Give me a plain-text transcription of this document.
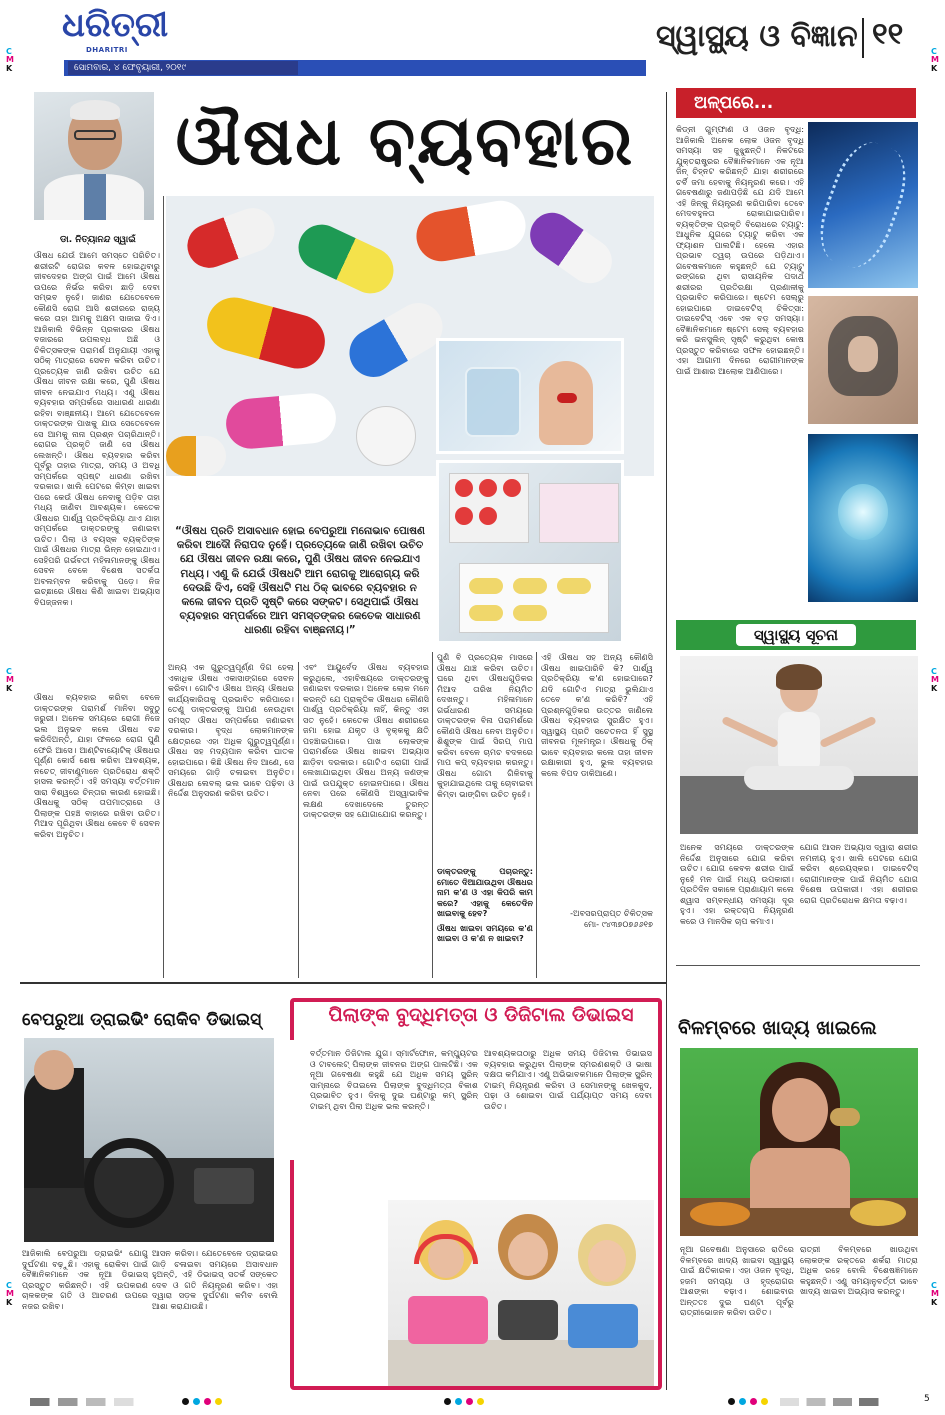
ଧରିତ୍ରୀ
DHARITRI
ସୋମବାର, ୪ ଫେବୃୟାରୀ, ୨୦୧୯
ସ୍ୱାସ୍ଥ୍ୟ ଓ ବିଜ୍ଞାନ ୧୧
C
M
K
C
M
K
C
M
K
C
M
K
C
M
K
C
M
K
ଡା. ନିତ୍ୟାନନ୍ଦ ସ୍ୱାଇଁ
ଔଷଧ ବ୍ୟବହାର
ଔଷଧ ଯେଉଁ ଆମେ ସମସ୍ତେ ପରିଚିତ। ଶରୀରଟି ରୋଗର କବଳ ହୋଇଥିବାରୁ ଜୀବଦେହର ଅଙ୍ଗ ପାଇଁ ଆମେ ଔଷଧ ଉପରେ ନିର୍ଭର କରିବା ଛାଡ଼ି ଦେବା ସମ୍ଭବ ନୁହେଁ। ଜାଣର ଯେତେବେଳେ କୌଣସି ରୋଗ ଆସି ଶରୀରରେ ରାଜ୍ୟ କରେ ତାହା ଆମକୁ ଅକ୍ଷମ ସାଜାଇ ଦିଏ। ଆଜିକାଲି ବିଭିନ୍ନ ପ୍ରକାରର ଔଷଧ ବଜାରରେ ଉପଲବ୍ଧ ଅଛି ଓ ଚିକିତ୍ସକଙ୍କ ପରାମର୍ଶ ଅନୁଯାୟୀ ଏହାକୁ ସଠିକ୍ ମାତ୍ରାରେ ସେବନ କରିବା ଉଚିତ। ପ୍ରତ୍ୟେକ ଜାଣି ରଖିବା ଉଚିତ ଯେ ଔଷଧ ଜୀବନ ରକ୍ଷା କରେ, ପୁଣି ଔଷଧ ଜୀବନ ନେଇଯାଏ ମଧ୍ୟ। ଏଣୁ ଔଷଧ ବ୍ୟବହାର ସମ୍ପର୍କରେ ସାଧାରଣ ଧାରଣା ରହିବା ବାଞ୍ଛନୀୟ। ଆମେ ଯେତେବେଳେ ଡାକ୍ତରଙ୍କ ପାଖକୁ ଯାଉ ସେତେବେଳେ ସେ ଆମକୁ ନାନା ପ୍ରଶ୍ନ ପଚାରିଥାନ୍ତି। ରୋଗର ପ୍ରକୃତି ଜାଣି ସେ ଔଷଧ ଲେଖନ୍ତି। ଔଷଧ ବ୍ୟବହାର କରିବା ପୂର୍ବରୁ ତାହାର ମାତ୍ରା, ସମୟ ଓ ଅବଧି ସମ୍ପର୍କରେ ସ୍ପଷ୍ଟ ଧାରଣା ରଖିବା ଦରକାର। ଖାଲି ପେଟରେ କିମ୍ବା ଖାଇବା ପରେ କେଉଁ ଔଷଧ ନେବାକୁ ପଡ଼ିବ ତାହା ମଧ୍ୟ ଜାଣିବା ଆବଶ୍ୟକ। କେତେକ ଔଷଧର ପାର୍ଶ୍ୱ ପ୍ରତିକ୍ରିୟା ଥାଏ ଯାହା ସମ୍ପର୍କରେ ଡାକ୍ତରଙ୍କୁ ଜଣାଇବା ଉଚିତ। ପିଲା ଓ ବୟସ୍କ ବ୍ୟକ୍ତିଙ୍କ ପାଇଁ ଔଷଧର ମାତ୍ରା ଭିନ୍ନ ହୋଇଥାଏ। ସେହିପରି ଗର୍ଭବତୀ ମହିଳାମାନଙ୍କୁ ଔଷଧ ସେବନ ବେଳେ ବିଶେଷ ସତର୍କତା ଅବଲମ୍ବନ କରିବାକୁ ପଡ଼େ। ନିଜ ଇଚ୍ଛାରେ ଔଷଧ କିଣି ଖାଇବା ଅଭ୍ୟାସ ବିପଜ୍ଜନକ।
“ଔଷଧ ପ୍ରତି ଅସାବଧାନ ହୋଇ ବେପରୁଆ ମନୋଭାବ ପୋଷଣ କରିବା ଆଦୌ ନିରାପଦ ନୁହେଁ। ପ୍ରତ୍ୟେକେ ଜାଣି ରଖିବା ଉଚିତ ଯେ ଔଷଧ ଜୀବନ ରକ୍ଷା କରେ, ପୁଣି ଔଷଧ ଜୀବନ ନେଇଯାଏ ମଧ୍ୟ। ଏଣୁ କି ଯେଉଁ ଔଷଧଟି ଆମ ରୋଗକୁ ଆରୋଗ୍ୟ କରି ଦେଉଛି ଦିଏ, ସେହି ଔଷଧଟି ମଧ ଠିକ୍ ଭାବରେ ବ୍ୟବହାର ନ କଲେ ଜୀବନ ପ୍ରତି ସୃଷ୍ଟି କରେ ସଙ୍କଟ। ସେଥିପାଇଁ ଔଷଧ ବ୍ୟବହାର ସମ୍ପର୍କରେ ଆମ ସମସ୍ତଙ୍କର କେତେକ ସାଧାରଣ ଧାରଣା ରହିବା ବାଞ୍ଛନୀୟ।”
ଔଷଧ ବ୍ୟବହାର କରିବା ବେଳେ ଡାକ୍ତରଙ୍କ ପରାମର୍ଶ ମାନିବା ସବୁଠୁ ଜରୁରୀ। ଅନେକ ସମୟରେ ରୋଗୀ ନିଜେ ଭଲ ଅନୁଭବ କଲେ ଔଷଧ ବନ୍ଦ କରିଦିଅନ୍ତି, ଯାହା ଫଳରେ ରୋଗ ପୁଣି ଫେରି ଆସେ। ଆଣ୍ଟିବାୟୋଟିକ୍ ଔଷଧର ପୂର୍ଣ୍ଣ କୋର୍ସ ଶେଷ କରିବା ଆବଶ୍ୟକ, ନଚେତ୍ ଜୀବାଣୁମାନେ ପ୍ରତିରୋଧ ଶକ୍ତି ହାସଲ କରନ୍ତି। ଏହି ସମସ୍ୟା ବର୍ତ୍ତମାନ ସାରା ବିଶ୍ୱରେ ଚିନ୍ତାର କାରଣ ହୋଇଛି। ଔଷଧକୁ ସଠିକ୍ ତାପମାତ୍ରାରେ ଓ ପିଲାଙ୍କ ପହଞ୍ଚ ବାହାରେ ରଖିବା ଉଚିତ। ମିଆଦ ପୂରିଥିବା ଔଷଧ କେବେ ବି ସେବନ କରିବା ଅନୁଚିତ।
ଅନ୍ୟ ଏକ ଗୁରୁତ୍ୱପୂର୍ଣ୍ଣ ଦିଗ ହେଲା ଏକାଧିକ ଔଷଧ ଏକାସାଙ୍ଗରେ ସେବନ କରିବା। ଗୋଟିଏ ଔଷଧ ଅନ୍ୟ ଔଷଧର କାର୍ଯ୍ୟକାରିତାକୁ ପ୍ରଭାବିତ କରିପାରେ। ତେଣୁ ଡାକ୍ତରଙ୍କୁ ଆପଣ ନେଉଥିବା ସମସ୍ତ ଔଷଧ ସମ୍ପର୍କରେ ଜଣାଇବା ଦରକାର। ବୃଦ୍ଧ ଲୋକମାନଙ୍କ କ୍ଷେତ୍ରରେ ଏହା ଅଧିକ ଗୁରୁତ୍ୱପୂର୍ଣ୍ଣ। ଔଷଧ ସହ ମଦ୍ୟପାନ କରିବା ଘାତକ ହୋଇପାରେ। କିଛି ଔଷଧ ନିଦ ଆଣେ, ସେ ସମୟରେ ଗାଡ଼ି ଚଳାଇବା ଅନୁଚିତ। ଔଷଧର ଲେବଲ୍ ଭଲ ଭାବେ ପଢ଼ିବା ଓ ନିର୍ଦ୍ଦେଶ ଅନୁସରଣ କରିବା ଉଚିତ।
ଏବଂ ଆୟୁର୍ବେଦ ଔଷଧ ବ୍ୟବହାର କରୁଥିଲେ, ଏହାବିଷୟରେ ଡାକ୍ତରଙ୍କୁ ଜଣାଇବା ଦରକାର। ଅନେକ ଲୋକ ମନେ କରନ୍ତି ଯେ ପ୍ରାକୃତିକ ଔଷଧର କୌଣସି ପାର୍ଶ୍ୱ ପ୍ରତିକ୍ରିୟା ନାହିଁ, କିନ୍ତୁ ଏହା ସତ ନୁହେଁ। କେତେକ ଔଷଧ ଶରୀରରେ ଜମା ହୋଇ ଯକୃତ ଓ ବୃକ୍କକୁ କ୍ଷତି ପହଞ୍ଚାଇପାରେ। ପାଖ ଲୋକଙ୍କ ପରାମର୍ଶରେ ଔଷଧ ଖାଇବା ଅଭ୍ୟାସ ଛାଡ଼ିବା ଦରକାର। ଗୋଟିଏ ରୋଗୀ ପାଇଁ ଲେଖାଯାଇଥିବା ଔଷଧ ଅନ୍ୟ ଜଣଙ୍କ ପାଇଁ ଉପଯୁକ୍ତ ହୋଇନପାରେ। ଔଷଧ ନେବା ପରେ କୌଣସି ଅସ୍ୱାଭାବିକ ଲକ୍ଷଣ ଦେଖାଦେଲେ ତୁରନ୍ତ ଡାକ୍ତରଙ୍କ ସହ ଯୋଗାଯୋଗ କରନ୍ତୁ।
ପୁଣି ବି ପ୍ରତ୍ୟେକ ମାସରେ ଔଷଧ ଯାଞ୍ଚ କରିବା ଉଚିତ। ଘରେ ଥିବା ଔଷଧଗୁଡ଼ିକର ମିଆଦ ତାରିଖ ନିୟମିତ ଦେଖନ୍ତୁ। ମହିଳାମାନେ ଗର୍ଭଧାରଣ ସମୟରେ ଡାକ୍ତରଙ୍କ ବିନା ପରାମର୍ଶରେ କୌଣସି ଔଷଧ ନେବା ଅନୁଚିତ। ଶିଶୁଙ୍କ ପାଇଁ ସିରପ୍ ମାପ କରିବା ବେଳେ ଚାମଚ ବଦଳରେ ମାପ କପ୍ ବ୍ୟବହାର କରନ୍ତୁ। ଔଷଧ ଗୋଟା ଗିଳିବାକୁ କୁହାଯାଇଥିଲେ ତାକୁ ଚୋବାଇବା କିମ୍ବା ଭାଙ୍ଗିବା ଉଚିତ ନୁହେଁ।
ଡାକ୍ତରଙ୍କୁ ପଚାରନ୍ତୁ: ମୋତେ ଦିଆଯାଉଥିବା ଔଷଧର ନାମ କ'ଣ ଓ ଏହା କିପରି କାମ କରେ? ଏହାକୁ କେତେଦିନ ଖାଇବାକୁ ହେବ?
ଔଷଧ ଖାଇବା ସମୟରେ କ'ଣ ଖାଇବା ଓ କ'ଣ ନ ଖାଇବା?
ଏହି ଔଷଧ ସହ ଅନ୍ୟ କୌଣସି ଔଷଧ ଖାଇପାରିବି କି? ପାର୍ଶ୍ୱ ପ୍ରତିକ୍ରିୟା କ'ଣ ହୋଇପାରେ? ଯଦି ଗୋଟିଏ ମାତ୍ରା ଭୁଲିଯାଏ ତେବେ କ'ଣ କରିବି? ଏହି ପ୍ରଶ୍ନଗୁଡ଼ିକର ଉତ୍ତର ଜାଣିଲେ ଔଷଧ ବ୍ୟବହାର ସୁରକ୍ଷିତ ହୁଏ। ସ୍ୱାସ୍ଥ୍ୟ ପ୍ରତି ସଚେତନତା ହିଁ ସୁସ୍ଥ ଜୀବନର ମୂଳମନ୍ତ୍ର। ଔଷଧକୁ ଠିକ୍ ଭାବେ ବ୍ୟବହାର କଲେ ତାହା ଜୀବନ ରକ୍ଷାକାରୀ ହୁଏ, ଭୁଲ ବ୍ୟବହାର କଲେ ବିପଦ ଡାକିଆଣେ।
-ଅବସରପ୍ରାପ୍ତ ଚିକିତ୍ସକ
ମୋ- ୯୪୩୭୦୭୬୬୧୭
ଅଳ୍ପରେ...
କିଡ୍ନୀ ଗୁମ୍ଫାଣ ଓ ଓଜନ ବୃଦ୍ଧି: ଆଜିକାଲି ଅନେକ ଲୋକ ଓଜନ ବୃଦ୍ଧି ସମସ୍ୟା ସହ ଜୁଝୁଛନ୍ତି। ନିକଟରେ ଯୁକ୍ତରାଷ୍ଟ୍ରର ବୈଜ୍ଞାନିକମାନେ ଏକ ନୂଆ ଜିନ୍ ଚିହ୍ନଟ କରିଛନ୍ତି ଯାହା ଶରୀରରେ ଚର୍ବି ଜମା ହେବାକୁ ନିୟନ୍ତ୍ରଣ କରେ। ଏହି ଗବେଷଣାରୁ ଜଣାପଡ଼ିଛି ଯେ ଯଦି ଆମେ ଏହି ଜିନ୍‌କୁ ନିୟନ୍ତ୍ରଣ କରିପାରିବା ତେବେ ମେଦବହୁଳତା ରୋକାଯାଇପାରିବ। ବ୍ୟକ୍ତିଙ୍କ ପ୍ରକୃତି ବିରୋଧରେ ଟ୍ୟାଟୁ: ଆଧୁନିକ ଯୁଗରେ ଟ୍ୟାଟୁ କରିବା ଏକ ଫ୍ୟାଶନ ପାଲଟିଛି। ହେଲେ ଏହାର ପ୍ରଭାବ ତ୍ୱଚା ଉପରେ ପଡ଼ିଥାଏ। ଗବେଷକମାନେ କହୁଛନ୍ତି ଯେ ଟ୍ୟାଟୁ ରଙ୍ଗରେ ଥିବା ରାସାୟନିକ ପଦାର୍ଥ ଶରୀରର ପ୍ରତିରକ୍ଷା ପ୍ରଣାଳୀକୁ ପ୍ରଭାବିତ କରିପାରେ। ଷ୍ଟେମ ସେଲ୍‌ରୁ ହୋଇପାରେ ଡାଇବେଟିସ୍ ଚିକିତ୍ସା: ଡାଇବେଟିସ୍ ଏବେ ଏକ ବଡ଼ ସମସ୍ୟା। ବୈଜ୍ଞାନିକମାନେ ଷ୍ଟେମ ସେଲ୍ ବ୍ୟବହାର କରି ଇନସୁଲିନ୍ ସୃଷ୍ଟି କରୁଥିବା କୋଷ ପ୍ରସ୍ତୁତ କରିବାରେ ସଫଳ ହୋଇଛନ୍ତି। ଏହା ଆଗାମୀ ଦିନରେ ରୋଗୀମାନଙ୍କ ପାଇଁ ଆଶାର ଆଲୋକ ଆଣିପାରେ।
ସ୍ୱାସ୍ଥ୍ୟ ସୂଚନା
ଅନେକ ସମୟରେ ଡାକ୍ତରଙ୍କ ନିର୍ଦ୍ଦେଶ ଅନୁସାରେ ଯୋଗ କରିବା ଉଚିତ। ଯୋଗ କେବଳ ଶରୀର ପାଇଁ ନୁହେଁ ମନ ପାଇଁ ମଧ୍ୟ ଉପକାରୀ। ପ୍ରତିଦିନ ସକାଳେ ପ୍ରାଣାୟାମ କଲେ ଶ୍ୱାସ ସମ୍ବନ୍ଧୀୟ ସମସ୍ୟା ଦୂର ହୁଏ। ଏହା ରକ୍ତଚାପ ନିୟନ୍ତ୍ରଣ କରେ ଓ ମାନସିକ ଚାପ କମାଏ।
ଯୋଗ ଆସନ ଅଭ୍ୟାସ ଦ୍ୱାରା ଶରୀର ନମନୀୟ ହୁଏ। ଖାଲି ପେଟରେ ଯୋଗ କରିବା ଶ୍ରେୟସ୍କର। ଡାଇବେଟିସ୍ ରୋଗୀମାନଙ୍କ ପାଇଁ ନିୟମିତ ଯୋଗ ବିଶେଷ ଉପକାରୀ। ଏହା ଶରୀରର ରୋଗ ପ୍ରତିରୋଧକ କ୍ଷମତା ବଢ଼ାଏ।
ବିଳମ୍ବରେ ଖାଦ୍ୟ ଖାଇଲେ
ନୂଆ ଗବେଷଣା ଅନୁସାରେ ରାତିରେ ବିଳମ୍ବରେ ଖାଦ୍ୟ ଖାଇବା ସ୍ୱାସ୍ଥ୍ୟ ପାଇଁ କ୍ଷତିକାରକ। ଏହା ଓଜନ ବୃଦ୍ଧି, ହଜମ ସମସ୍ୟା ଓ ହୃଦ୍‌ରୋଗର ଆଶଙ୍କା ବଢ଼ାଏ। ଶୋଇବାର ଅନ୍ତତଃ ଦୁଇ ଘଣ୍ଟା ପୂର୍ବରୁ ରାତ୍ରୀଭୋଜନ କରିବା ଉଚିତ।
ରାତ୍ରୀ ବିଳମ୍ବରେ ଖାଉଥିବା ଲୋକଙ୍କ ରକ୍ତରେ ଶର୍କରା ମାତ୍ରା ଅଧିକ ରହେ ବୋଲି ବିଶେଷଜ୍ଞମାନେ କହୁଛନ୍ତି। ଏଣୁ ସମୟାନୁବର୍ତ୍ତୀ ଭାବେ ଖାଦ୍ୟ ଖାଇବା ଅଭ୍ୟାସ କରନ୍ତୁ।
ବେପରୁଆ ଡ୍ରାଇଭିଂ ରୋକିବ ଡିଭାଇସ୍
ଆଜିକାଲି ବେପରୁଆ ଡ୍ରାଇଭିଂ ଯୋଗୁ ଦୁର୍ଘଟଣା ବଢ଼ୁଛି। ଏହାକୁ ରୋକିବା ପାଇଁ ବୈଜ୍ଞାନିକମାନେ ଏକ ନୂଆ ଡିଭାଇସ୍ ପ୍ରସ୍ତୁତ କରିଛନ୍ତି। ଏହି ଉପକରଣ ଚାଳକଙ୍କ ଗତି ଓ ଆଚରଣ ଉପରେ ନଜର ରଖିବ।
ଆସନ କରିବା। ଯେତେବେଳେ ଡ୍ରାଇଭର ଗାଡ଼ି ଚଳାଇବା ସମୟରେ ଅସାବଧାନ ହୁଅନ୍ତି, ଏହି ଡିଭାଇସ୍ ସତର୍କ ସଙ୍କେତ ଦେବ ଓ ଗତି ନିୟନ୍ତ୍ରଣ କରିବ। ଏହା ଦ୍ୱାରା ସଡ଼କ ଦୁର୍ଘଟଣା କମିବ ବୋଲି ଆଶା କରାଯାଉଛି।
ପିଲାଙ୍କ ବୁଦ୍ଧିମତ୍ତା ଓ ଡିଜିଟାଲ ଡିଭାଇସ
ବର୍ତ୍ତମାନ ଡିଜିଟାଲ ଯୁଗ। ସ୍ମାର୍ଟଫୋନ, କମ୍ପ୍ୟୁଟର ଓ ଟାବଲେଟ୍ ପିଲାଙ୍କ ଜୀବନର ଅଙ୍ଗ ପାଲଟିଛି। ଏକ ନୂଆ ଗବେଷଣା କହୁଛି ଯେ ଅଧିକ ସମୟ ସ୍କ୍ରିନ୍ ସାମ୍ନାରେ ବିତାଇଲେ ପିଲାଙ୍କ ବୁଦ୍ଧିମତ୍ତା ବିକାଶ ପ୍ରଭାବିତ ହୁଏ। ଦିନକୁ ଦୁଇ ଘଣ୍ଟାରୁ କମ୍ ସ୍କ୍ରିନ୍ ଟାଇମ୍ ଥିବା ପିଲା ଅଧିକ ଭଲ କରନ୍ତି।
ଆବଶ୍ୟକତାଠାରୁ ଅଧିକ ସମୟ ଡିଜିଟାଲ ଡିଭାଇସ ବ୍ୟବହାର କରୁଥିବା ପିଲାଙ୍କ ସ୍ମରଣଶକ୍ତି ଓ ଭାଷା ଦକ୍ଷତା କମିଯାଏ। ଏଣୁ ଅଭିଭାବକମାନେ ପିଲାଙ୍କ ସ୍କ୍ରିନ୍ ଟାଇମ୍ ନିୟନ୍ତ୍ରଣ କରିବା ଓ ସେମାନଙ୍କୁ ଖେଳକୁଦ, ପଢ଼ା ଓ ଶୋଇବା ପାଇଁ ପର୍ଯ୍ୟାପ୍ତ ସମୟ ଦେବା ଉଚିତ।
5
